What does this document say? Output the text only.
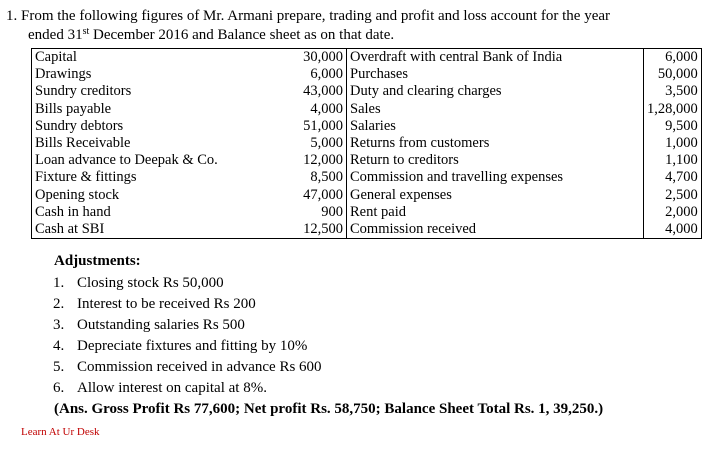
1. From the following figures of Mr. Armani prepare, trading and profit and loss account for the year
ended 31st December 2016 and Balance sheet as on that date.
Capital	30,000	Overdraft with central Bank of India	6,000
Drawings	6,000	Purchases	50,000
Sundry creditors	43,000	Duty and clearing charges	3,500
Bills payable	4,000	Sales	1,28,000
Sundry debtors	51,000	Salaries	9,500
Bills Receivable	5,000	Returns from customers	1,000
Loan advance to Deepak & Co.	12,000	Return to creditors	1,100
Fixture & fittings	8,500	Commission and travelling expenses	4,700
Opening stock	47,000	General expenses	2,500
Cash in hand	900	Rent paid	2,000
Cash at SBI	12,500	Commission received	4,000
Adjustments:
1. Closing stock Rs 50,000
2. Interest to be received Rs 200
3. Outstanding salaries Rs 500
4. Depreciate fixtures and fitting by 10%
5. Commission received in advance Rs 600
6. Allow interest on capital at 8%.
(Ans. Gross Profit Rs 77,600; Net profit Rs. 58,750; Balance Sheet Total Rs. 1, 39,250.)
Learn At Ur Desk
